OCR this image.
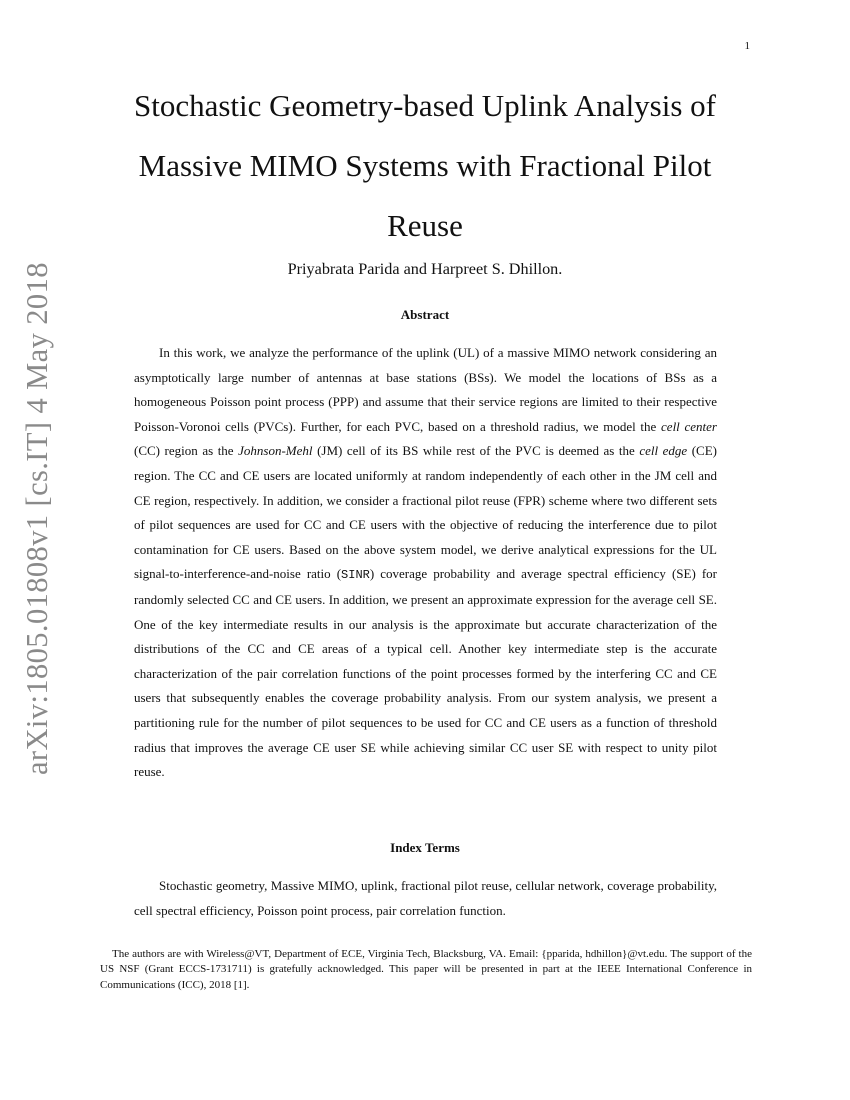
1
arXiv:1805.01808v1 [cs.IT] 4 May 2018
Stochastic Geometry-based Uplink Analysis of Massive MIMO Systems with Fractional Pilot Reuse
Priyabrata Parida and Harpreet S. Dhillon.
Abstract

In this work, we analyze the performance of the uplink (UL) of a massive MIMO network considering an asymptotically large number of antennas at base stations (BSs). We model the locations of BSs as a homogeneous Poisson point process (PPP) and assume that their service regions are limited to their respective Poisson-Voronoi cells (PVCs). Further, for each PVC, based on a threshold radius, we model the cell center (CC) region as the Johnson-Mehl (JM) cell of its BS while rest of the PVC is deemed as the cell edge (CE) region. The CC and CE users are located uniformly at random independently of each other in the JM cell and CE region, respectively. In addition, we consider a fractional pilot reuse (FPR) scheme where two different sets of pilot sequences are used for CC and CE users with the objective of reducing the interference due to pilot contamination for CE users. Based on the above system model, we derive analytical expressions for the UL signal-to-interference-and-noise ratio (SINR) coverage probability and average spectral efficiency (SE) for randomly selected CC and CE users. In addition, we present an approximate expression for the average cell SE. One of the key intermediate results in our analysis is the approximate but accurate characterization of the distributions of the CC and CE areas of a typical cell. Another key intermediate step is the accurate characterization of the pair correlation functions of the point processes formed by the interfering CC and CE users that subsequently enables the coverage probability analysis. From our system analysis, we present a partitioning rule for the number of pilot sequences to be used for CC and CE users as a function of threshold radius that improves the average CE user SE while achieving similar CC user SE with respect to unity pilot reuse.

Index Terms

Stochastic geometry, Massive MIMO, uplink, fractional pilot reuse, cellular network, coverage probability, cell spectral efficiency, Poisson point process, pair correlation function.

The authors are with Wireless@VT, Department of ECE, Virginia Tech, Blacksburg, VA. Email: {pparida, hdhillon}@vt.edu. The support of the US NSF (Grant ECCS-1731711) is gratefully acknowledged. This paper will be presented in part at the IEEE International Conference in Communications (ICC), 2018 [1].
